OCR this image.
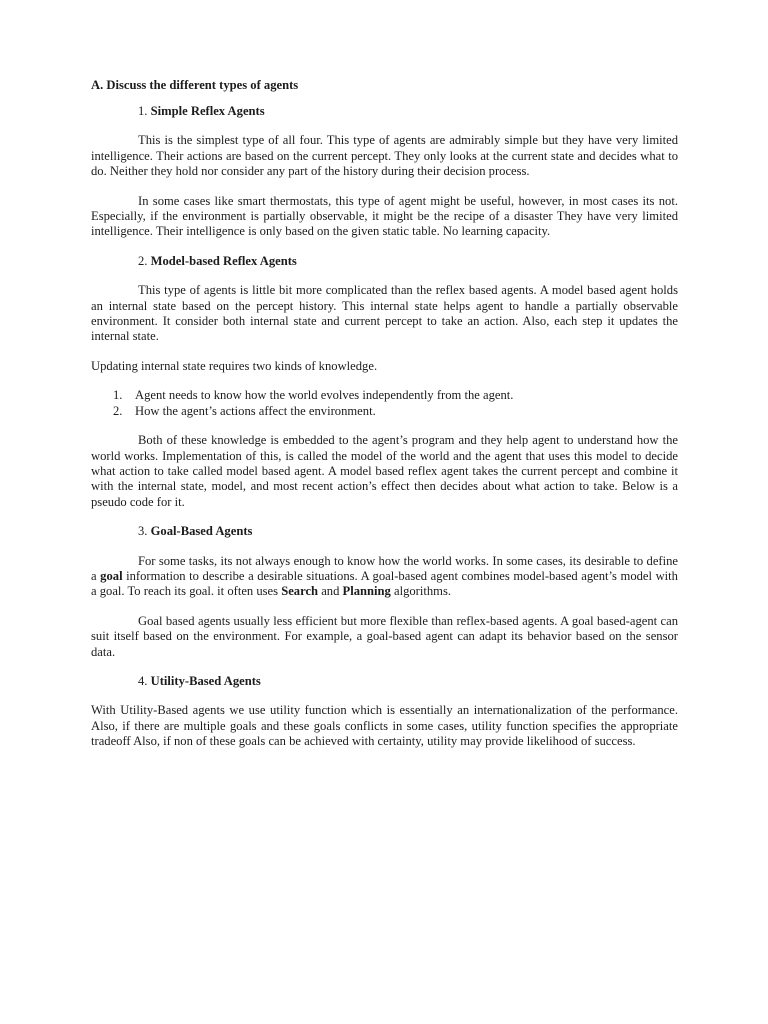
A. Discuss the different types of agents
1. Simple Reflex Agents

This is the simplest type of all four. This type of agents are admirably simple but they have very limited intelligence. Their actions are based on the current percept. They only looks at the current state and decides what to do. Neither they hold nor consider any part of the history during their decision process.

In some cases like smart thermostats, this type of agent might be useful, however, in most cases its not. Especially, if the environment is partially observable, it might be the recipe of a disaster They have very limited intelligence. Their intelligence is only based on the given static table. No learning capacity.

2. Model-based Reflex Agents

This type of agents is little bit more complicated than the reflex based agents. A model based agent holds an internal state based on the percept history. This internal state helps agent to handle a partially observable environment. It consider both internal state and current percept to take an action. Also, each step it updates the internal state.

Updating internal state requires two kinds of knowledge.

1. Agent needs to know how the world evolves independently from the agent.
2. How the agent’s actions affect the environment.

Both of these knowledge is embedded to the agent’s program and they help agent to understand how the world works. Implementation of this, is called the model of the world and the agent that uses this model to decide what action to take called model based agent. A model based reflex agent takes the current percept and combine it with the internal state, model, and most recent action’s effect then decides about what action to take. Below is a pseudo code for it.

3. Goal-Based Agents

For some tasks, its not always enough to know how the world works. In some cases, its desirable to define a goal information to describe a desirable situations. A goal-based agent combines model-based agent’s model with a goal. To reach its goal. it often uses Search and Planning algorithms.

Goal based agents usually less efficient but more flexible than reflex-based agents. A goal based-agent can suit itself based on the environment. For example, a goal-based agent can adapt its behavior based on the sensor data.

4. Utility-Based Agents

With Utility-Based agents we use utility function which is essentially an internationalization of the performance. Also, if there are multiple goals and these goals conflicts in some cases, utility function specifies the appropriate tradeoff Also, if non of these goals can be achieved with certainty, utility may provide likelihood of success.
